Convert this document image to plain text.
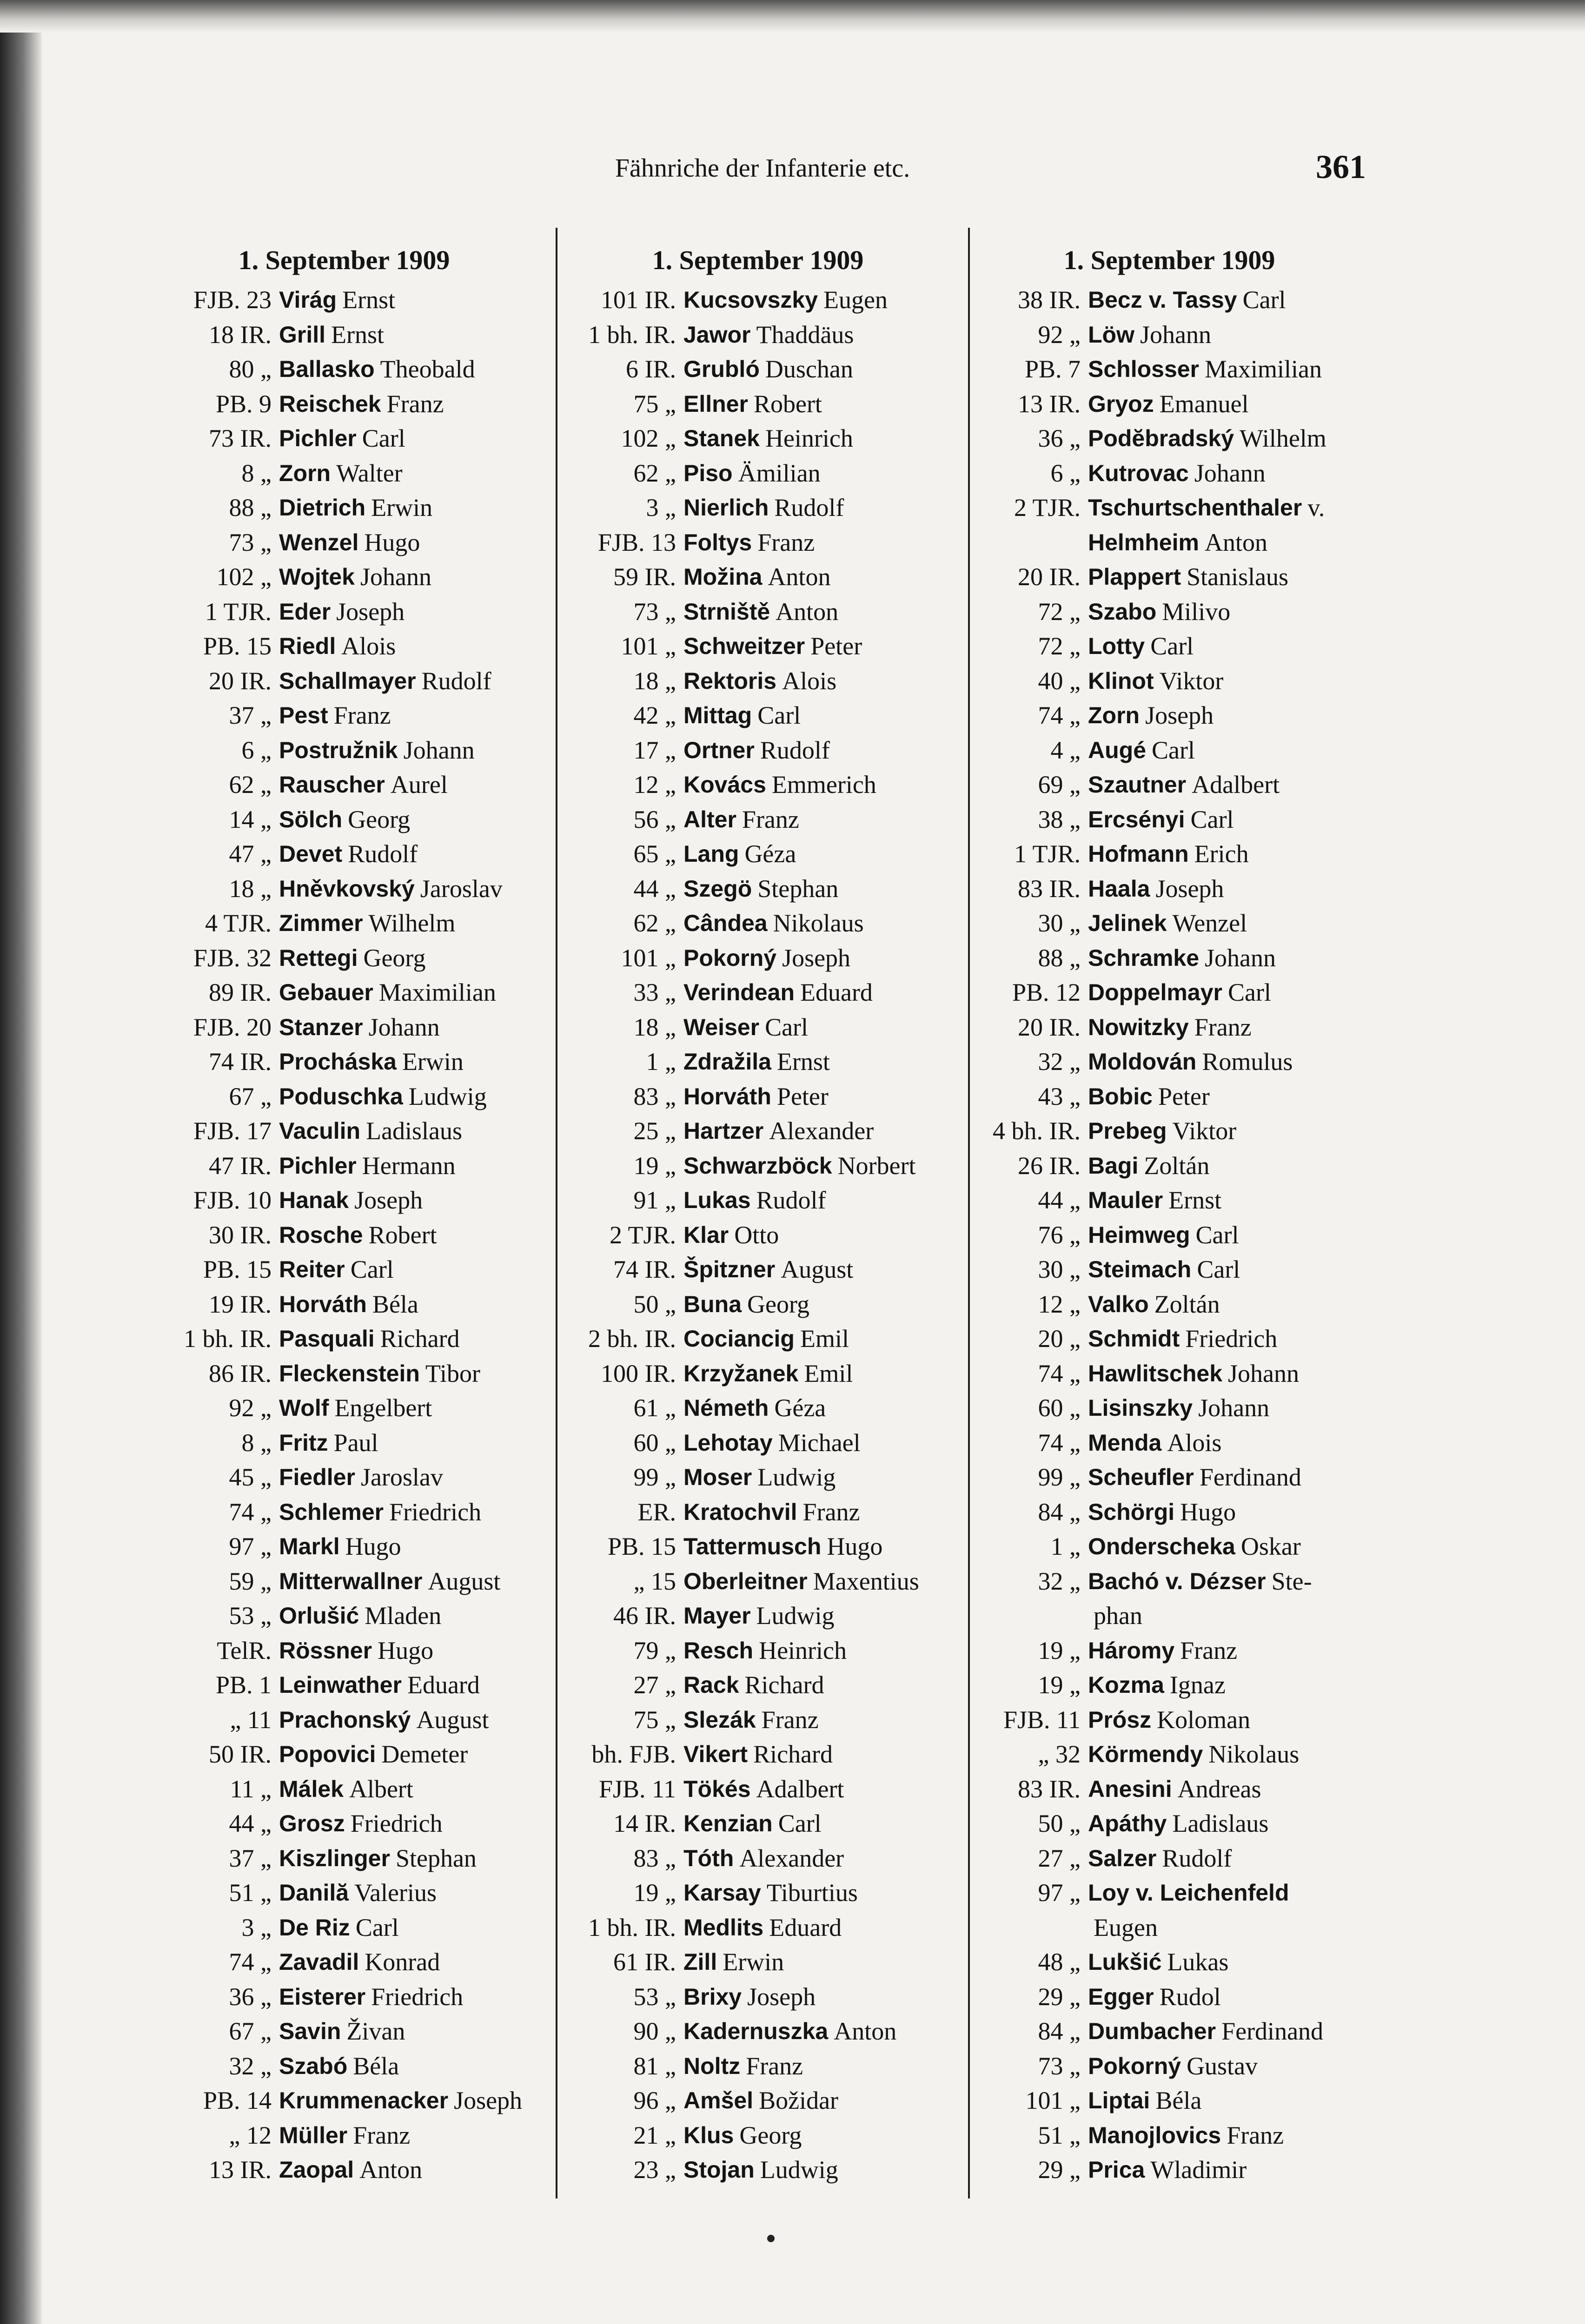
Fähnriche der Infanterie etc.	361
1. September 1909
FJB. 23 Virág Ernst
18 IR. Grill Ernst
80 „ Ballasko Theobald
PB. 9 Reischek Franz
73 IR. Pichler Carl
8 „ Zorn Walter
88 „ Dietrich Erwin
73 „ Wenzel Hugo
102 „ Wojtek Johann
1 TJR. Eder Joseph
PB. 15 Riedl Alois
20 IR. Schallmayer Rudolf
37 „ Pest Franz
6 „ Postružnik Johann
62 „ Rauscher Aurel
14 „ Sölch Georg
47 „ Devet Rudolf
18 „ Hněvkovský Jaroslav
4 TJR. Zimmer Wilhelm
FJB. 32 Rettegi Georg
89 IR. Gebauer Maximilian
FJB. 20 Stanzer Johann
74 IR. Procháska Erwin
67 „ Poduschka Ludwig
FJB. 17 Vaculin Ladislaus
47 IR. Pichler Hermann
FJB. 10 Hanak Joseph
30 IR. Rosche Robert
PB. 15 Reiter Carl
19 IR. Horváth Béla
1 bh. IR. Pasquali Richard
86 IR. Fleckenstein Tibor
92 „ Wolf Engelbert
8 „ Fritz Paul
45 „ Fiedler Jaroslav
74 „ Schlemer Friedrich
97 „ Markl Hugo
59 „ Mitterwallner August
53 „ Orlušić Mladen
TelR. Rössner Hugo
PB. 1 Leinwather Eduard
„ 11 Prachonský August
50 IR. Popovici Demeter
11 „ Málek Albert
44 „ Grosz Friedrich
37 „ Kiszlinger Stephan
51 „ Danilă Valerius
3 „ De Riz Carl
74 „ Zavadil Konrad
36 „ Eisterer Friedrich
67 „ Savin Živan
32 „ Szabó Béla
PB. 14 Krummenacker Joseph
„ 12 Müller Franz
13 IR. Zaopal Anton
1. September 1909
101 IR. Kucsovszky Eugen
1 bh. IR. Jawor Thaddäus
6 IR. Grubló Duschan
75 „ Ellner Robert
102 „ Stanek Heinrich
62 „ Piso Ämilian
3 „ Nierlich Rudolf
FJB. 13 Foltys Franz
59 IR. Možina Anton
73 „ Strniště Anton
101 „ Schweitzer Peter
18 „ Rektoris Alois
42 „ Mittag Carl
17 „ Ortner Rudolf
12 „ Kovács Emmerich
56 „ Alter Franz
65 „ Lang Géza
44 „ Szegö Stephan
62 „ Cândea Nikolaus
101 „ Pokorný Joseph
33 „ Verindean Eduard
18 „ Weiser Carl
1 „ Zdražila Ernst
83 „ Horváth Peter
25 „ Hartzer Alexander
19 „ Schwarzböck Norbert
91 „ Lukas Rudolf
2 TJR. Klar Otto
74 IR. Špitzner August
50 „ Buna Georg
2 bh. IR. Cociancig Emil
100 IR. Krzyžanek Emil
61 „ Németh Géza
60 „ Lehotay Michael
99 „ Moser Ludwig
ER. Kratochvil Franz
PB. 15 Tattermusch Hugo
„ 15 Oberleitner Maxentius
46 IR. Mayer Ludwig
79 „ Resch Heinrich
27 „ Rack Richard
75 „ Slezák Franz
bh. FJB. Vikert Richard
FJB. 11 Tökés Adalbert
14 IR. Kenzian Carl
83 „ Tóth Alexander
19 „ Karsay Tiburtius
1 bh. IR. Medlits Eduard
61 IR. Zill Erwin
53 „ Brixy Joseph
90 „ Kadernuszka Anton
81 „ Noltz Franz
96 „ Amšel Božidar
21 „ Klus Georg
23 „ Stojan Ludwig
1. September 1909
38 IR. Becz v. Tassy Carl
92 „ Löw Johann
PB. 7 Schlosser Maximilian
13 IR. Gryoz Emanuel
36 „ Podĕbradský Wilhelm
6 „ Kutrovac Johann
2 TJR. Tschurtschenthaler v.
Helmheim Anton
20 IR. Plappert Stanislaus
72 „ Szabo Milivo
72 „ Lotty Carl
40 „ Klinot Viktor
74 „ Zorn Joseph
4 „ Augé Carl
69 „ Szautner Adalbert
38 „ Ercsényi Carl
1 TJR. Hofmann Erich
83 IR. Haala Joseph
30 „ Jelinek Wenzel
88 „ Schramke Johann
PB. 12 Doppelmayr Carl
20 IR. Nowitzky Franz
32 „ Moldován Romulus
43 „ Bobic Peter
4 bh. IR. Prebeg Viktor
26 IR. Bagi Zoltán
44 „ Mauler Ernst
76 „ Heimweg Carl
30 „ Steimach Carl
12 „ Valko Zoltán
20 „ Schmidt Friedrich
74 „ Hawlitschek Johann
60 „ Lisinszky Johann
74 „ Menda Alois
99 „ Scheufler Ferdinand
84 „ Schörgi Hugo
1 „ Onderscheka Oskar
32 „ Bachó v. Dézser Ste-
phan
19 „ Háromy Franz
19 „ Kozma Ignaz
FJB. 11 Prósz Koloman
„ 32 Körmendy Nikolaus
83 IR. Anesini Andreas
50 „ Apáthy Ladislaus
27 „ Salzer Rudolf
97 „ Loy v. Leichenfeld
Eugen
48 „ Lukšić Lukas
29 „ Egger Rudol
84 „ Dumbacher Ferdinand
73 „ Pokorný Gustav
101 „ Liptai Béla
51 „ Manojlovics Franz
29 „ Prica Wladimir
